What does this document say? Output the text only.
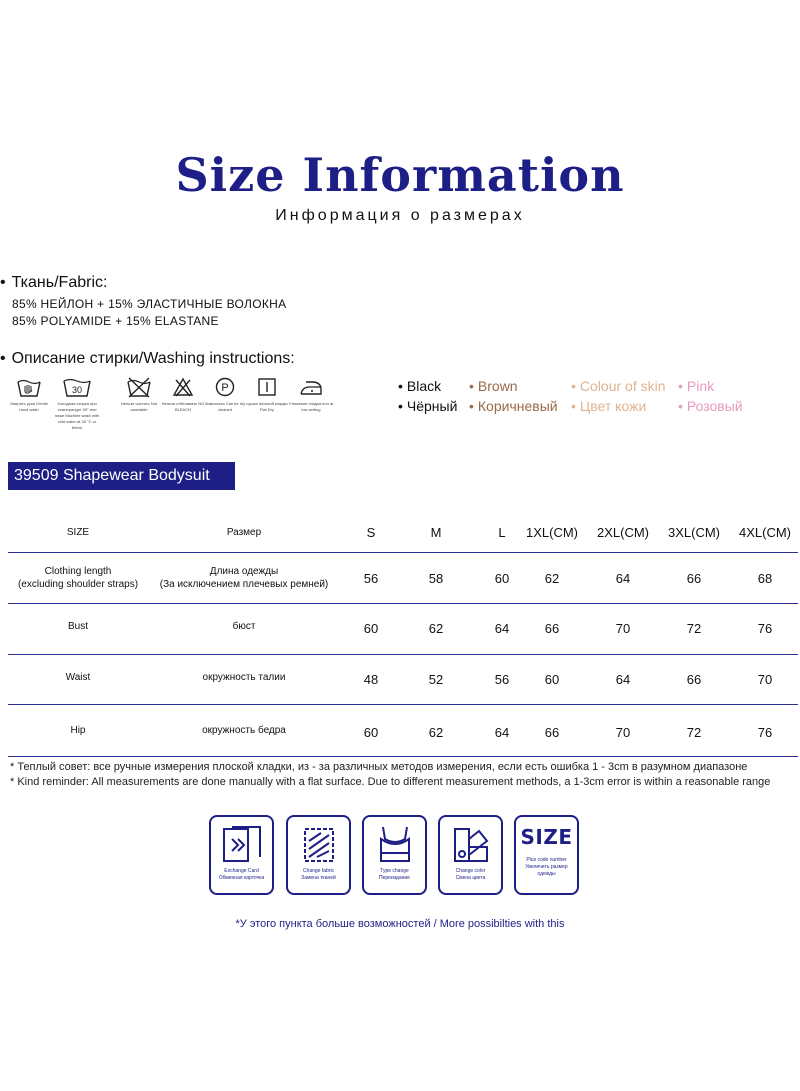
Size Information
Информация о размерах
• Ткань/Fabric:
85% НЕЙЛОН + 15% ЭЛАСТИЧНЫЕ ВОЛОКНА
85% POLYAMIDE + 15% ELASTANE
• Описание стирки/Washing instructions:
Умерить руки Gentle hand wash
30
Холодная стирка при температуре 30° или ниже Machine wash with cold water at 30 °C or below
Нельзя чистить Not washable
Нельзя отбеливать NO BLEACH
P
Химчистка Can be dry cleaned
сушка плоской кладки Flat Dry
Утюжение гладка iron at low setting
• Black
• Чёрный
• Brown
• Коричневый
• Colour of skin
• Цвет кожи
• Pink
• Розовый
39509 Shapewear Bodysuit
SIZE	Размер	S	M	L	1XL(CM)	2XL(CM)	3XL(CM)	4XL(CM)
Clothing length
(excluding shoulder straps)
Длина одежды
(За исключением плечевых ремней)	56	58	60	62	64	66	68
Bust	бюст	60	62	64	66	70	72	76
Waist	окружность талии	48	52	56	60	64	66	70
Hip	окружность бедра	60	62	64	66	70	72	76
* Теплый совет: все ручные измерения плоской кладки, из - за различных методов измерения, если есть ошибка 1 - 3cm в разумном диапазоне
* Kind reminder: All measurements are done manually with a flat surface. Due to different measurement methods, a 1-3cm error is within a reasonable range
Exchange Card
Обменная карточка
Change fabric
Замена тканей
Type change
Переиздание
Change color
Смена цвета
SIZE
Plus code number
Увеличить размер одежды
*У этого пункта больше возможностей / More possibilties with this
